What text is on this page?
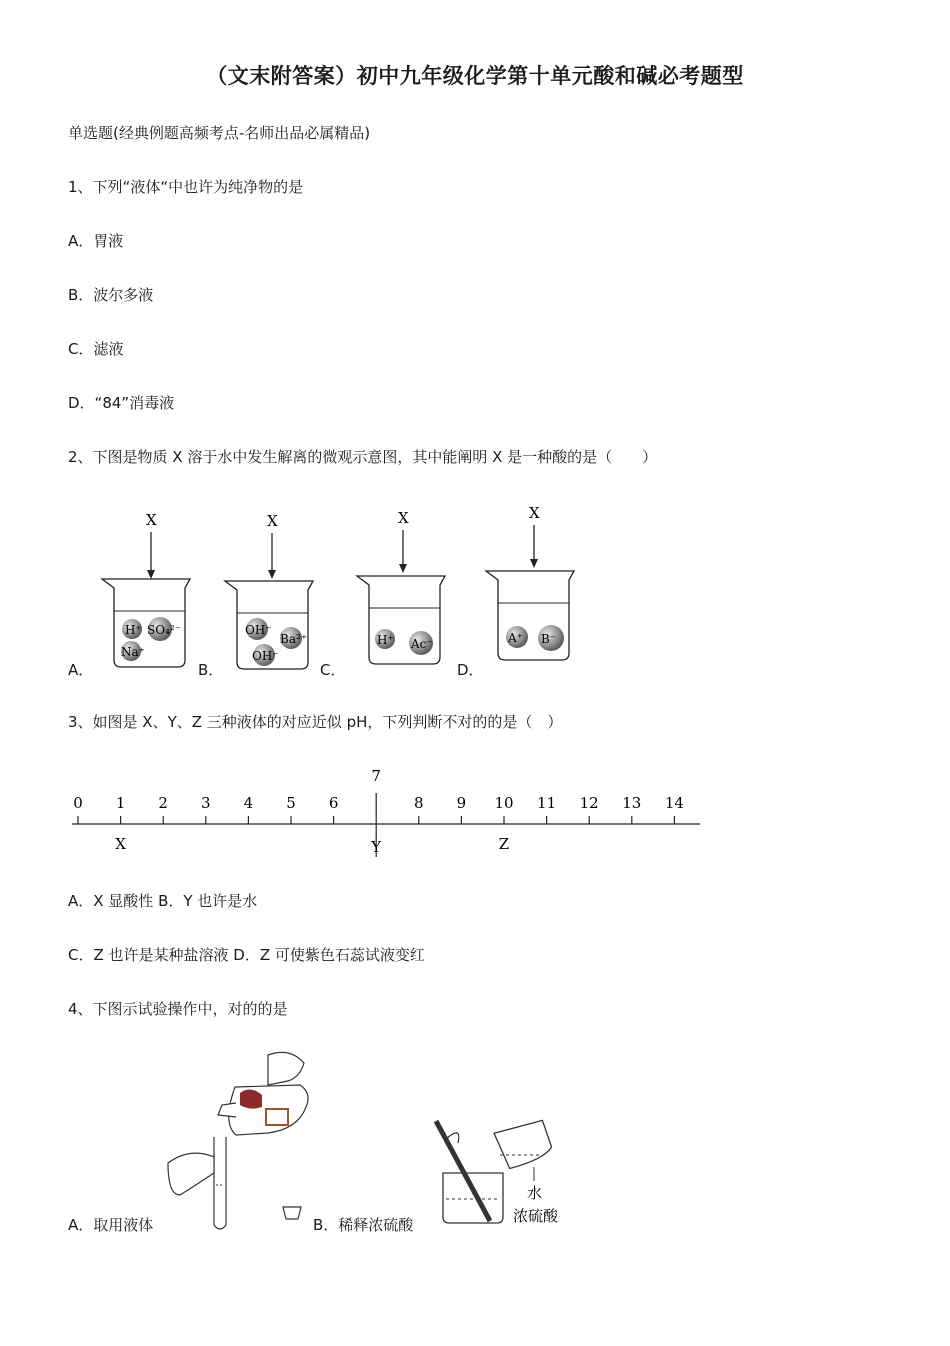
（文末附答案）初中九年级化学第十单元酸和碱必考题型
单选题(经典例题高频考点-名师出品必属精品)
1、下列“液体“中也许为纯净物的是
A．胃液
B．波尔多液
C．滤液
D．“84”消毒液
2、下图是物质 X 溶于水中发生解离的微观示意图，其中能阐明 X 是一种酸的是（　　）
A．	B．	C．	D．
X
H⁺ SO₄²⁻
Na⁺
X
OH⁻
Ba²⁺
OH⁻
X
H⁺ Ac⁻
X
A⁺ B⁻
3、如图是 X、Y、Z 三种液体的对应近似 pH，下列判断不对的的是（　）
0 1 2 3 4 5 6
7
8 9 10 11 12 13 14
X	Y	Z
A．X 显酸性 B．Y 也许是水
C．Z 也许是某种盐溶液 D．Z 可使紫色石蕊试液变红
4、下图示试验操作中，对的的是
A．取用液体	B．稀释浓硫酸
水
浓硫酸
